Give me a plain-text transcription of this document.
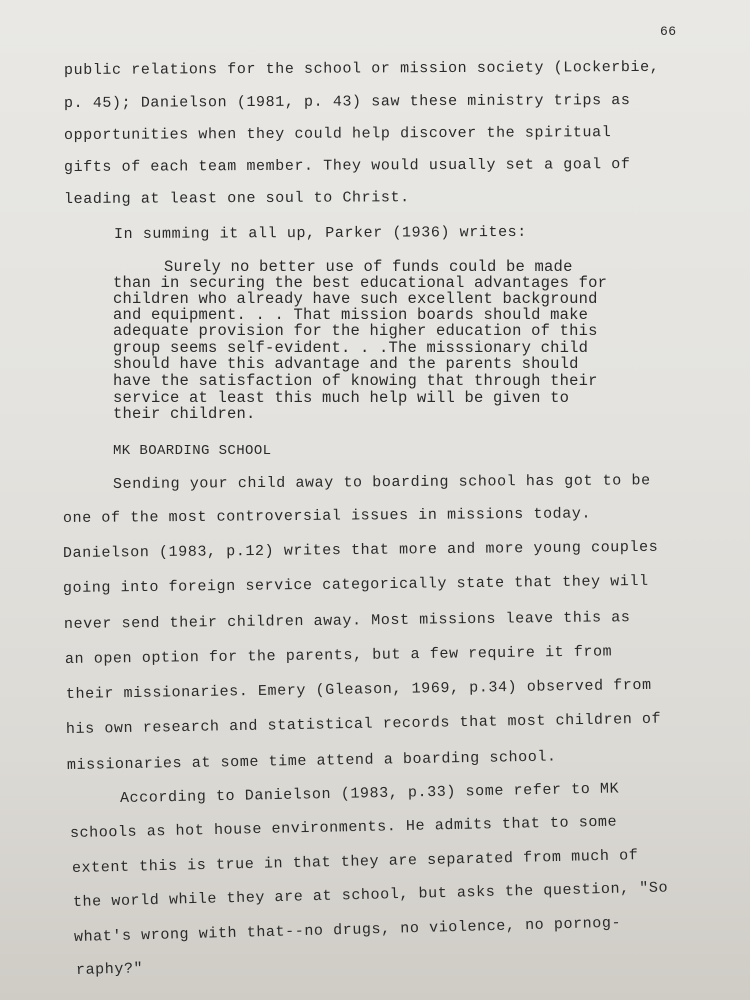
66
public relations for the school or mission society (Lockerbie,
p. 45); Danielson (1981, p. 43) saw these ministry trips as
opportunities when they could help discover the spiritual
gifts of each team member. They would usually set a goal of
leading at least one soul to Christ.
In summing it all up, Parker (1936) writes:
Surely no better use of funds could be made
than in securing the best educational advantages for
children who already have such excellent background
and equipment. . . That mission boards should make
adequate provision for the higher education of this
group seems self-evident. . .The misssionary child
should have this advantage and the parents should
have the satisfaction of knowing that through their
service at least this much help will be given to
their children.
MK BOARDING SCHOOL
Sending your child away to boarding school has got to be
one of the most controversial issues in missions today.
Danielson (1983, p.12) writes that more and more young couples
going into foreign service categorically state that they will
never send their children away. Most missions leave this as
an open option for the parents, but a few require it from
their missionaries. Emery (Gleason, 1969, p.34) observed from
his own research and statistical records that most children of
missionaries at some time attend a boarding school.
According to Danielson (1983, p.33) some refer to MK
schools as hot house environments. He admits that to some
extent this is true in that they are separated from much of
the world while they are at school, but asks the question, "So
what's wrong with that--no drugs, no violence, no pornog-
raphy?"
